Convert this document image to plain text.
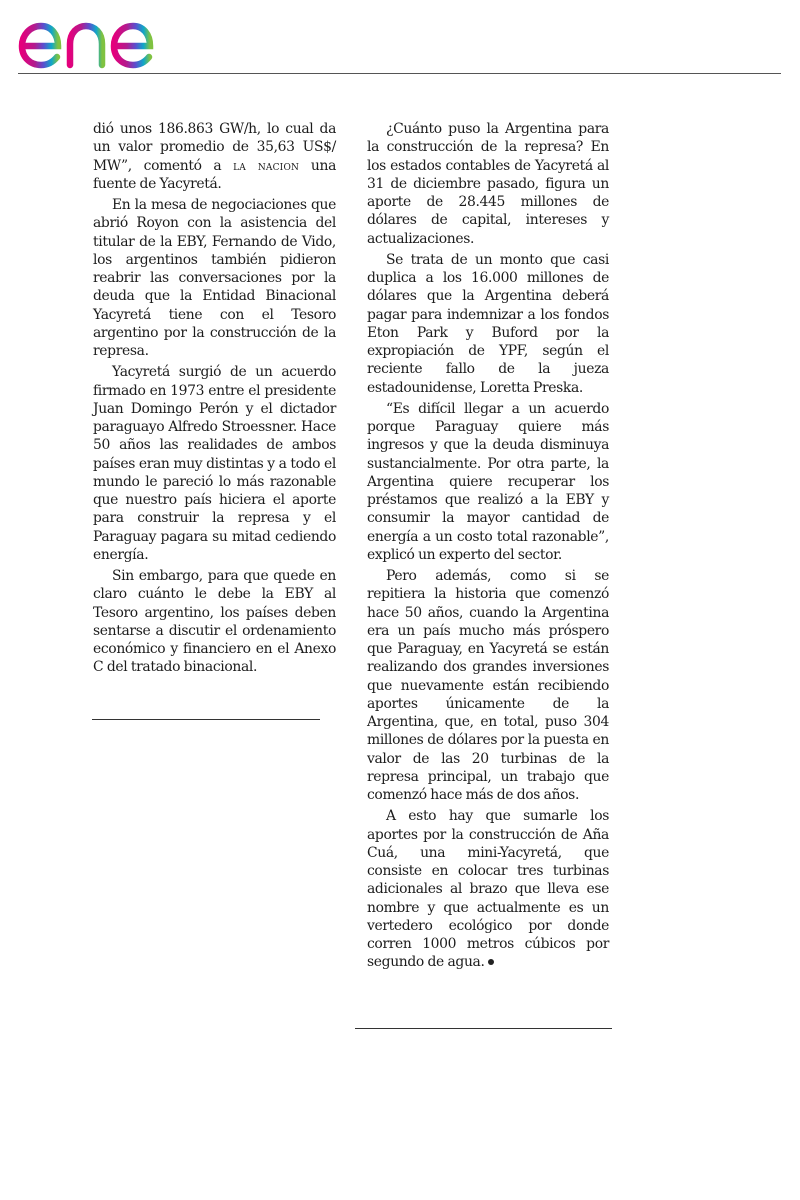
dió unos 186.863 GW/h, lo cual da un valor promedio de 35,63 US$/ MW”, comentó a la nacion una fuente de Yacyretá.

En la mesa de negociaciones que abrió Royon con la asistencia del titular de la EBY, Fernando de Vido, los argentinos también pidieron reabrir las conversaciones por la deuda que la Entidad Binacional Yacyretá tiene con el Tesoro argentino por la construcción de la represa.

Yacyretá surgió de un acuerdo firmado en 1973 entre el presidente Juan Domingo Perón y el dictador paraguayo Alfredo Stroessner. Hace 50 años las realidades de ambos países eran muy distintas y a todo el mundo le pareció lo más razonable que nuestro país hiciera el aporte para construir la represa y el Paraguay pagara su mitad cediendo energía.

Sin embargo, para que quede en claro cuánto le debe la EBY al Tesoro argentino, los países deben sentarse a discutir el ordenamiento económico y financiero en el Anexo C del tratado binacional.

¿Cuánto puso la Argentina para la construcción de la represa? En los estados contables de Yacyretá al 31 de diciembre pasado, figura un aporte de 28.445 millones de dólares de capital, intereses y actualizaciones.

Se trata de un monto que casi duplica a los 16.000 millones de dólares que la Argentina deberá pagar para indemnizar a los fondos Eton Park y Buford por la expropiación de YPF, según el reciente fallo de la jueza estadounidense, Loretta Preska.

“Es difícil llegar a un acuerdo porque Paraguay quiere más ingresos y que la deuda disminuya sustancialmente. Por otra parte, la Argentina quiere recuperar los préstamos que realizó a la EBY y consumir la mayor cantidad de energía a un costo total razonable”, explicó un experto del sector.

Pero además, como si se repitiera la historia que comenzó hace 50 años, cuando la Argentina era un país mucho más próspero que Paraguay, en Yacyretá se están realizando dos grandes inversiones que nuevamente están recibiendo aportes únicamente de la Argentina, que, en total, puso 304 millones de dólares por la puesta en valor de las 20 turbinas de la represa principal, un trabajo que comenzó hace más de dos años.

A esto hay que sumarle los aportes por la construcción de Aña Cuá, una mini-Yacyretá, que consiste en colocar tres turbinas adicionales al brazo que lleva ese nombre y que actualmente es un vertedero ecológico por donde corren 1000 metros cúbicos por segundo de agua.
